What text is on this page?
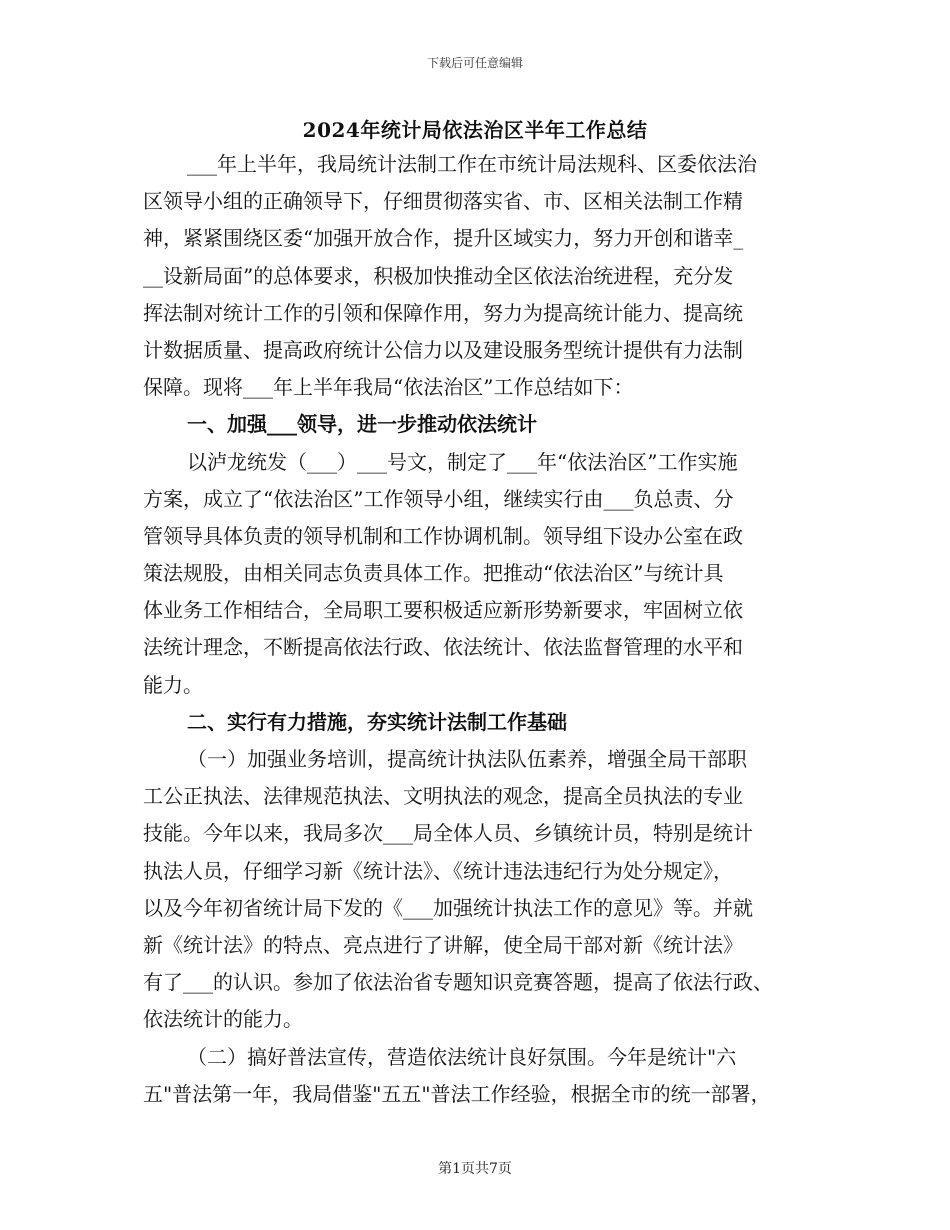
下载后可任意编辑
2024年统计局依法治区半年工作总结
___年上半年，我局统计法制工作在市统计局法规科、区委依法治
区领导小组的正确领导下，仔细贯彻落实省、市、区相关法制工作精
神，紧紧围绕区委“加强开放合作，提升区域实力，努力开创和谐幸_
__设新局面”的总体要求，积极加快推动全区依法治统进程，充分发
挥法制对统计工作的引领和保障作用，努力为提高统计能力、提高统
计数据质量、提高政府统计公信力以及建设服务型统计提供有力法制
保障。现将___年上半年我局“依法治区”工作总结如下：
一、加强___领导，进一步推动依法统计
以泸龙统发（___）___号文，制定了___年“依法治区”工作实施
方案，成立了“依法治区”工作领导小组，继续实行由___负总责、分
管领导具体负责的领导机制和工作协调机制。领导组下设办公室在政
策法规股，由相关同志负责具体工作。把推动“依法治区”与统计具
体业务工作相结合，全局职工要积极适应新形势新要求，牢固树立依
法统计理念，不断提高依法行政、依法统计、依法监督管理的水平和
能力。
二、实行有力措施，夯实统计法制工作基础
（一）加强业务培训，提高统计执法队伍素养，增强全局干部职
工公正执法、法律规范执法、文明执法的观念，提高全员执法的专业
技能。今年以来，我局多次___局全体人员、乡镇统计员，特别是统计
执法人员，仔细学习新《统计法》、《统计违法违纪行为处分规定》，
以及今年初省统计局下发的《___加强统计执法工作的意见》等。并就
新《统计法》的特点、亮点进行了讲解，使全局干部对新《统计法》
有了___的认识。参加了依法治省专题知识竞赛答题，提高了依法行政、
依法统计的能力。
（二）搞好普法宣传，营造依法统计良好氛围。今年是统计"六
五"普法第一年，我局借鉴"五五"普法工作经验，根据全市的统一部署，
第1页共7页
